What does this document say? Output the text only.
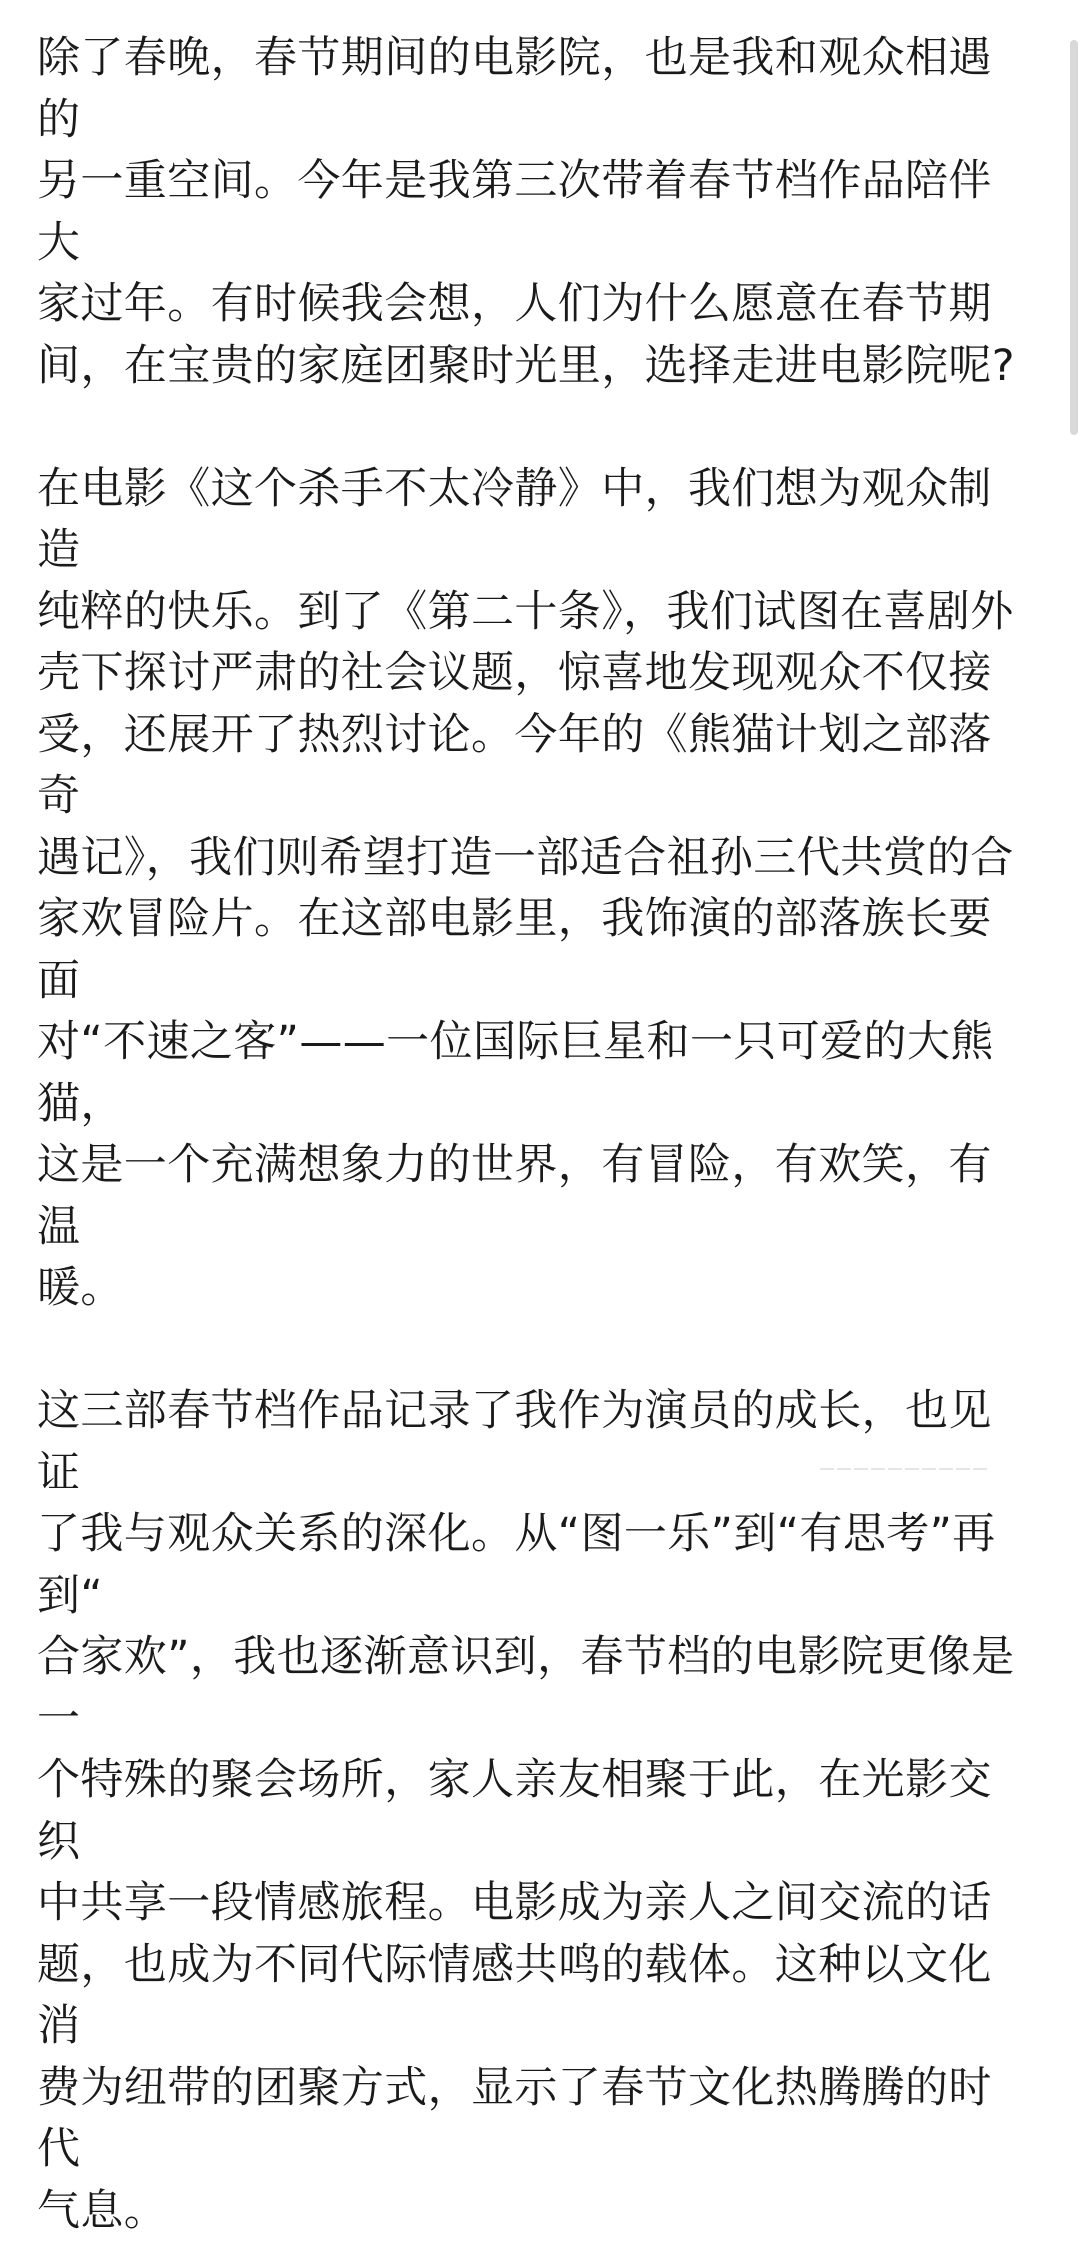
除了春晚，春节期间的电影院，也是我和观众相遇的
另一重空间。今年是我第三次带着春节档作品陪伴大
家过年。有时候我会想，人们为什么愿意在春节期
间，在宝贵的家庭团聚时光里，选择走进电影院呢?

在电影《这个杀手不太冷静》中，我们想为观众制造
纯粹的快乐。到了《第二十条》，我们试图在喜剧外
壳下探讨严肃的社会议题，惊喜地发现观众不仅接
受，还展开了热烈讨论。今年的《熊猫计划之部落奇
遇记》，我们则希望打造一部适合祖孙三代共赏的合
家欢冒险片。在这部电影里，我饰演的部落族长要面
对“不速之客”——一位国际巨星和一只可爱的大熊猫，
这是一个充满想象力的世界，有冒险，有欢笑，有温
暖。

这三部春节档作品记录了我作为演员的成长，也见证
了我与观众关系的深化。从“图一乐”到“有思考”再到“
合家欢”，我也逐渐意识到，春节档的电影院更像是一
个特殊的聚会场所，家人亲友相聚于此，在光影交织
中共享一段情感旅程。电影成为亲人之间交流的话
题，也成为不同代际情感共鸣的载体。这种以文化消
费为纽带的团聚方式，显示了春节文化热腾腾的时代
气息。
